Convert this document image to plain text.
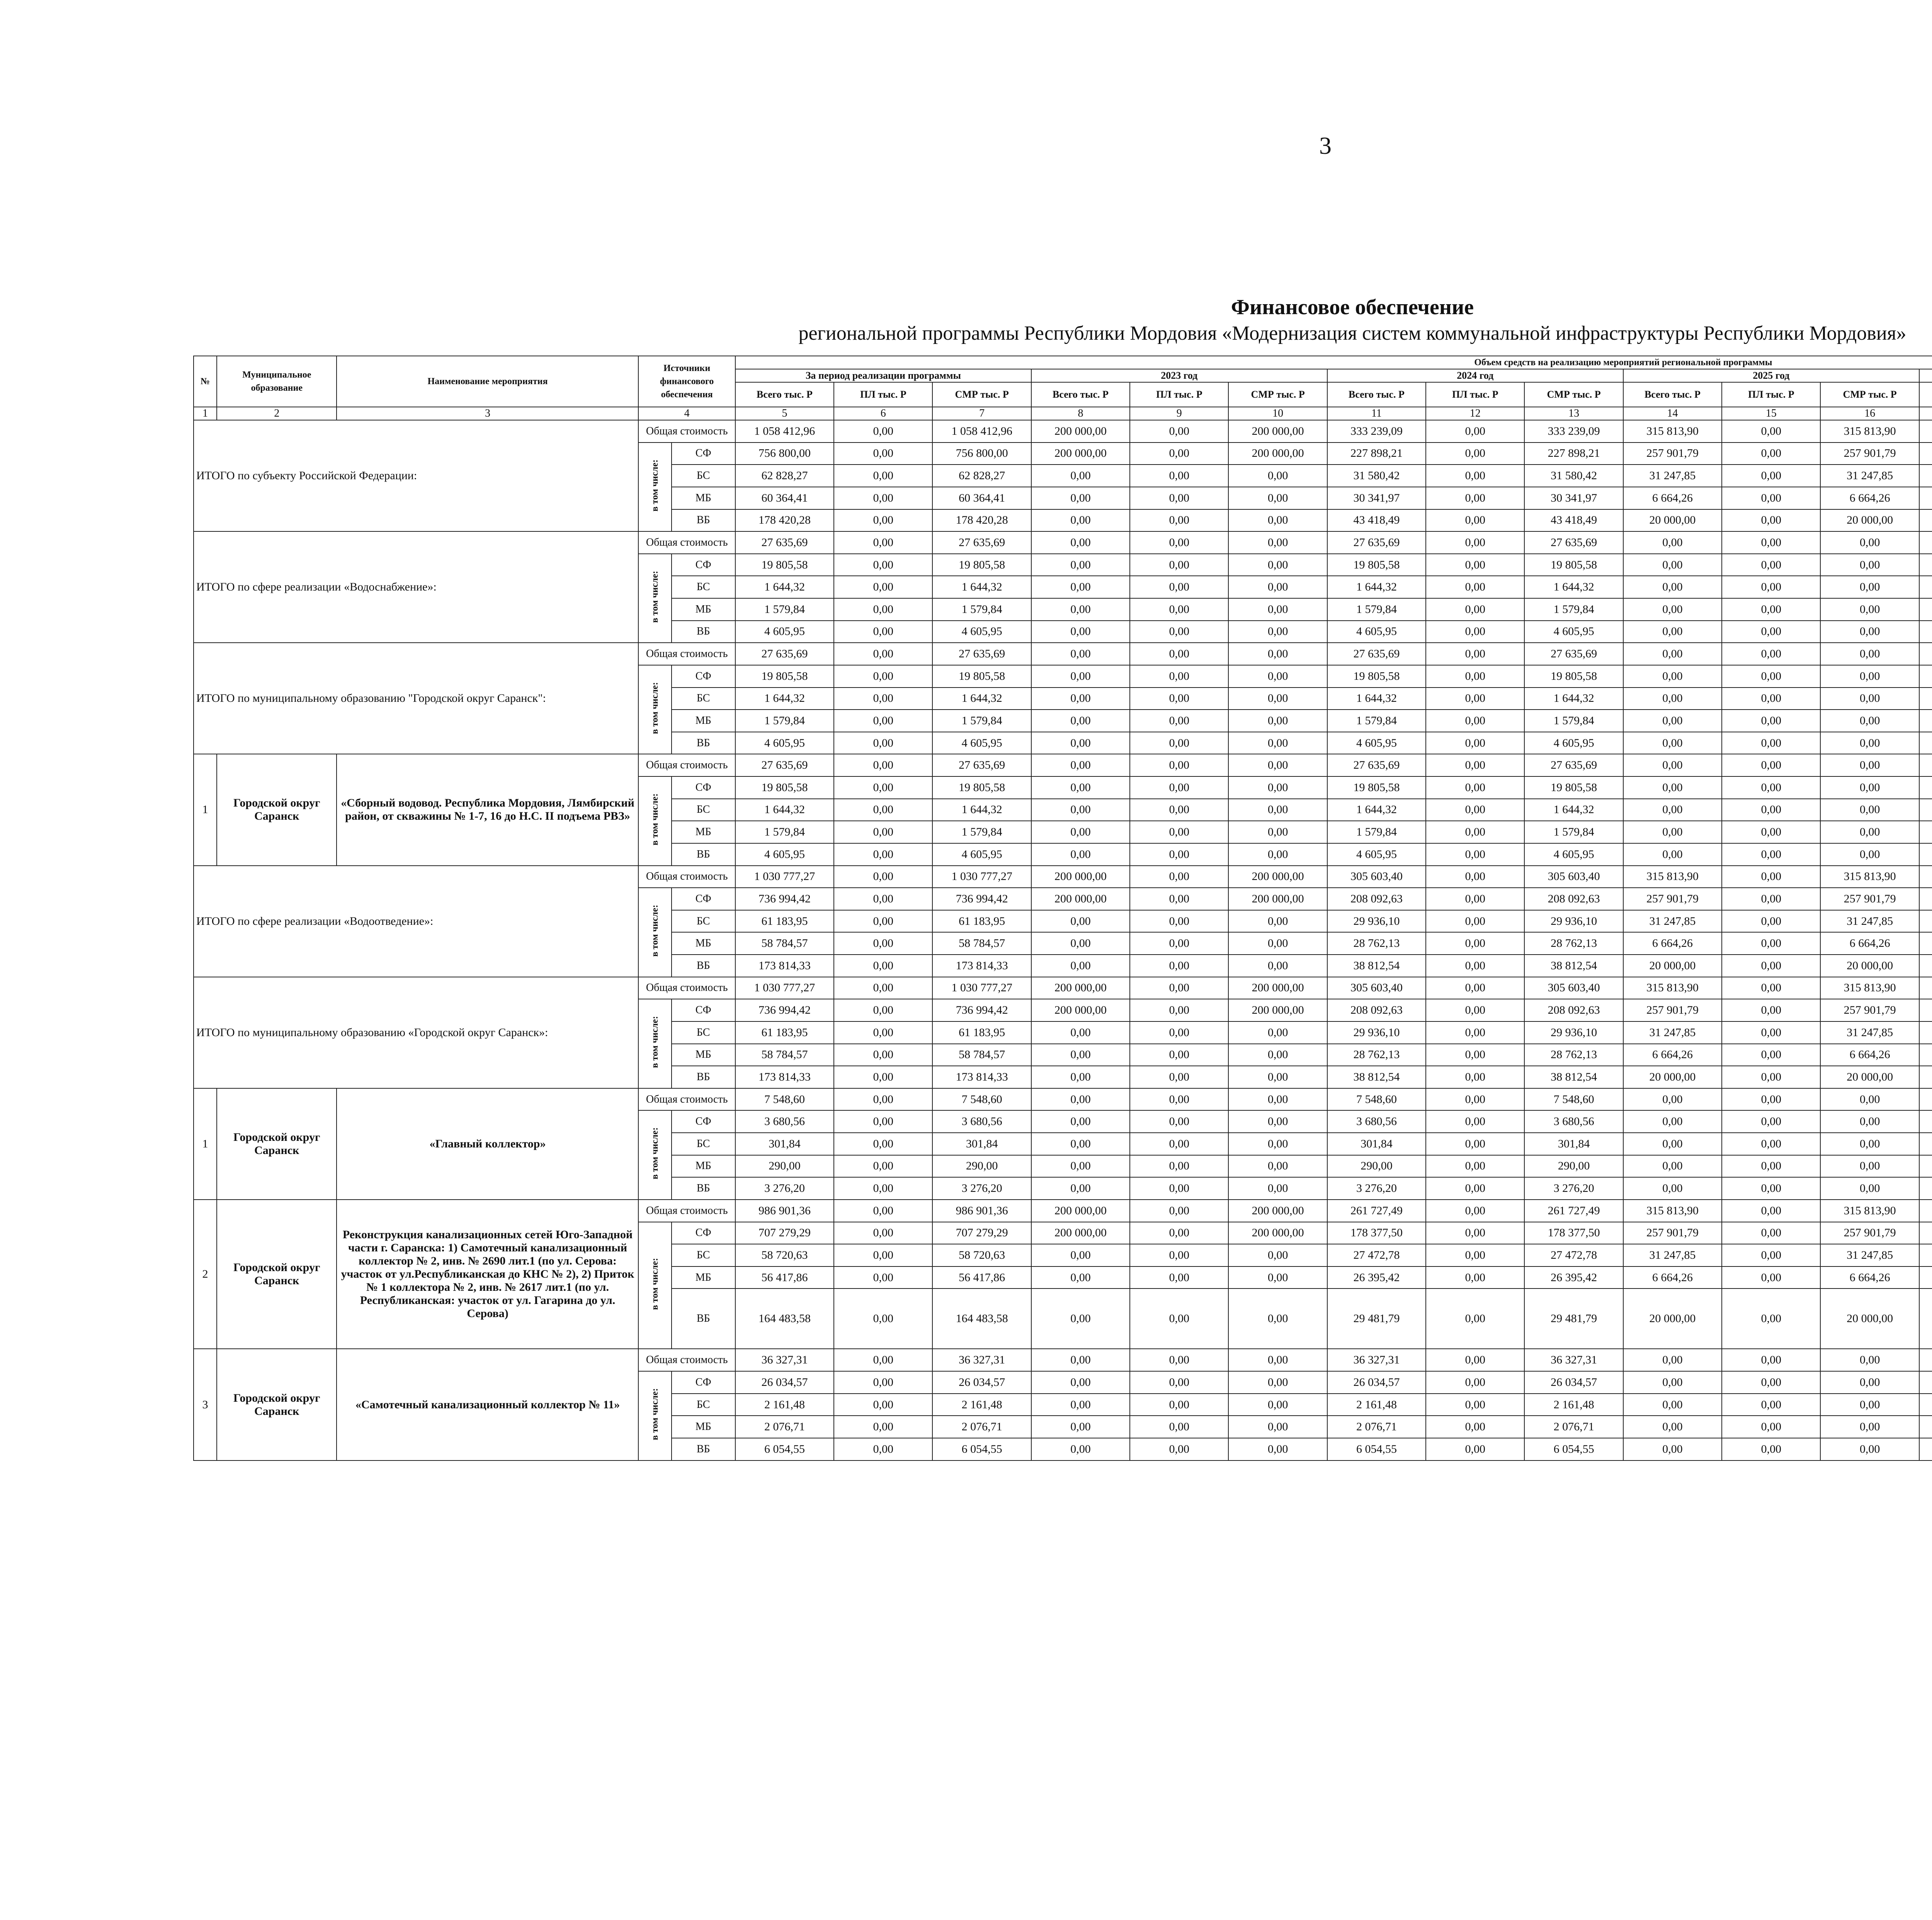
3
Финансовое обеспечение
региональной программы Республики Мордовия «Модернизация систем коммунальной инфраструктуры Республики Мордовия»
№	Муниципальное образование	Наименование мероприятия	Источники финансового обеспечения		Объем средств на реализацию мероприятий региональной программы																	
					За период реализации программы			2023 год			2024 год			2025 год		
					Всего тыс. Р	ПЛ тыс. Р	СМР тыс. Р	Всего тыс. Р	ПЛ тыс. Р	СМР тыс. Р	Всего тыс. Р	ПЛ тыс. Р	СМР тыс. Р	Всего тыс. Р	ПЛ тыс. Р	СМР тыс. Р						
1	2	3	4		5	6	7	8	9	10	11	12	13	14	15	16						
ИТОГО по субъекту Российской Федерации:			Общая стоимость		1 058 412,96	0,00	1 058 412,96	200 000,00	0,00	200 000,00	333 239,09	0,00	333 239,09	315 813,90	0,00	315 813,90						
			в том числе:	СФ	756 800,00	0,00	756 800,00	200 000,00	0,00	200 000,00	227 898,21	0,00	227 898,21	257 901,79	0,00	257 901,79						
				БС	62 828,27	0,00	62 828,27	0,00	0,00	0,00	31 580,42	0,00	31 580,42	31 247,85	0,00	31 247,85						
				МБ	60 364,41	0,00	60 364,41	0,00	0,00	0,00	30 341,97	0,00	30 341,97	6 664,26	0,00	6 664,26						
				ВБ	178 420,28	0,00	178 420,28	0,00	0,00	0,00	43 418,49	0,00	43 418,49	20 000,00	0,00	20 000,00						
ИТОГО по сфере реализации «Водоснабжение»:			Общая стоимость		27 635,69	0,00	27 635,69	0,00	0,00	0,00	27 635,69	0,00	27 635,69	0,00	0,00	0,00						
			в том числе:	СФ	19 805,58	0,00	19 805,58	0,00	0,00	0,00	19 805,58	0,00	19 805,58	0,00	0,00	0,00						
				БС	1 644,32	0,00	1 644,32	0,00	0,00	0,00	1 644,32	0,00	1 644,32	0,00	0,00	0,00						
				МБ	1 579,84	0,00	1 579,84	0,00	0,00	0,00	1 579,84	0,00	1 579,84	0,00	0,00	0,00						
				ВБ	4 605,95	0,00	4 605,95	0,00	0,00	0,00	4 605,95	0,00	4 605,95	0,00	0,00	0,00						
ИТОГО по муниципальному образованию "Городской округ Саранск":			Общая стоимость		27 635,69	0,00	27 635,69	0,00	0,00	0,00	27 635,69	0,00	27 635,69	0,00	0,00	0,00						
			в том числе:	СФ	19 805,58	0,00	19 805,58	0,00	0,00	0,00	19 805,58	0,00	19 805,58	0,00	0,00	0,00						
				БС	1 644,32	0,00	1 644,32	0,00	0,00	0,00	1 644,32	0,00	1 644,32	0,00	0,00	0,00						
				МБ	1 579,84	0,00	1 579,84	0,00	0,00	0,00	1 579,84	0,00	1 579,84	0,00	0,00	0,00						
				ВБ	4 605,95	0,00	4 605,95	0,00	0,00	0,00	4 605,95	0,00	4 605,95	0,00	0,00	0,00						
1	Городской округ Саранск	«Сборный водовод. Республика Мордовия, Лямбирский район, от скважины № 1-7, 16 до Н.С. II подъема РВЗ»	Общая стоимость		27 635,69	0,00	27 635,69	0,00	0,00	0,00	27 635,69	0,00	27 635,69	0,00	0,00	0,00						
			в том числе:	СФ	19 805,58	0,00	19 805,58	0,00	0,00	0,00	19 805,58	0,00	19 805,58	0,00	0,00	0,00						
				БС	1 644,32	0,00	1 644,32	0,00	0,00	0,00	1 644,32	0,00	1 644,32	0,00	0,00	0,00						
				МБ	1 579,84	0,00	1 579,84	0,00	0,00	0,00	1 579,84	0,00	1 579,84	0,00	0,00	0,00						
				ВБ	4 605,95	0,00	4 605,95	0,00	0,00	0,00	4 605,95	0,00	4 605,95	0,00	0,00	0,00						
ИТОГО по сфере реализации «Водоотведение»:			Общая стоимость		1 030 777,27	0,00	1 030 777,27	200 000,00	0,00	200 000,00	305 603,40	0,00	305 603,40	315 813,90	0,00	315 813,90						
			в том числе:	СФ	736 994,42	0,00	736 994,42	200 000,00	0,00	200 000,00	208 092,63	0,00	208 092,63	257 901,79	0,00	257 901,79						
				БС	61 183,95	0,00	61 183,95	0,00	0,00	0,00	29 936,10	0,00	29 936,10	31 247,85	0,00	31 247,85						
				МБ	58 784,57	0,00	58 784,57	0,00	0,00	0,00	28 762,13	0,00	28 762,13	6 664,26	0,00	6 664,26						
				ВБ	173 814,33	0,00	173 814,33	0,00	0,00	0,00	38 812,54	0,00	38 812,54	20 000,00	0,00	20 000,00						
ИТОГО по муниципальному образованию «Городской округ Саранск»:			Общая стоимость		1 030 777,27	0,00	1 030 777,27	200 000,00	0,00	200 000,00	305 603,40	0,00	305 603,40	315 813,90	0,00	315 813,90						
			в том числе:	СФ	736 994,42	0,00	736 994,42	200 000,00	0,00	200 000,00	208 092,63	0,00	208 092,63	257 901,79	0,00	257 901,79						
				БС	61 183,95	0,00	61 183,95	0,00	0,00	0,00	29 936,10	0,00	29 936,10	31 247,85	0,00	31 247,85						
				МБ	58 784,57	0,00	58 784,57	0,00	0,00	0,00	28 762,13	0,00	28 762,13	6 664,26	0,00	6 664,26						
				ВБ	173 814,33	0,00	173 814,33	0,00	0,00	0,00	38 812,54	0,00	38 812,54	20 000,00	0,00	20 000,00						
1	Городской округ Саранск	«Главный коллектор»	Общая стоимость		7 548,60	0,00	7 548,60	0,00	0,00	0,00	7 548,60	0,00	7 548,60	0,00	0,00	0,00						
			в том числе:	СФ	3 680,56	0,00	3 680,56	0,00	0,00	0,00	3 680,56	0,00	3 680,56	0,00	0,00	0,00						
				БС	301,84	0,00	301,84	0,00	0,00	0,00	301,84	0,00	301,84	0,00	0,00	0,00						
				МБ	290,00	0,00	290,00	0,00	0,00	0,00	290,00	0,00	290,00	0,00	0,00	0,00						
				ВБ	3 276,20	0,00	3 276,20	0,00	0,00	0,00	3 276,20	0,00	3 276,20	0,00	0,00	0,00						
2	Городской округ Саранск	Реконструкция канализационных сетей Юго-Западной части г. Саранска: 1) Самотечный канализационный коллектор № 2, инв. № 2690 лит.1 (по ул. Серова: участок от ул.Республиканская до КНС № 2), 2) Приток № 1 коллектора № 2, инв. № 2617 лит.1 (по ул. Республиканская: участок от ул. Гагарина до ул. Серова)	Общая стоимость		986 901,36	0,00	986 901,36	200 000,00	0,00	200 000,00	261 727,49	0,00	261 727,49	315 813,90	0,00	315 813,90						
			в том числе:	СФ	707 279,29	0,00	707 279,29	200 000,00	0,00	200 000,00	178 377,50	0,00	178 377,50	257 901,79	0,00	257 901,79						
				БС	58 720,63	0,00	58 720,63	0,00	0,00	0,00	27 472,78	0,00	27 472,78	31 247,85	0,00	31 247,85						
				МБ	56 417,86	0,00	56 417,86	0,00	0,00	0,00	26 395,42	0,00	26 395,42	6 664,26	0,00	6 664,26						
				ВБ	164 483,58	0,00	164 483,58	0,00	0,00	0,00	29 481,79	0,00	29 481,79	20 000,00	0,00	20 000,00						
3	Городской округ Саранск	«Самотечный канализационный коллектор № 11»	Общая стоимость		36 327,31	0,00	36 327,31	0,00	0,00	0,00	36 327,31	0,00	36 327,31	0,00	0,00	0,00						
			в том числе:	СФ	26 034,57	0,00	26 034,57	0,00	0,00	0,00	26 034,57	0,00	26 034,57	0,00	0,00	0,00						
				БС	2 161,48	0,00	2 161,48	0,00	0,00	0,00	2 161,48	0,00	2 161,48	0,00	0,00	0,00						
				МБ	2 076,71	0,00	2 076,71	0,00	0,00	0,00	2 076,71	0,00	2 076,71	0,00	0,00	0,00						
				ВБ	6 054,55	0,00	6 054,55	0,00	0,00	0,00	6 054,55	0,00	6 054,55	0,00	0,00	0,00						
